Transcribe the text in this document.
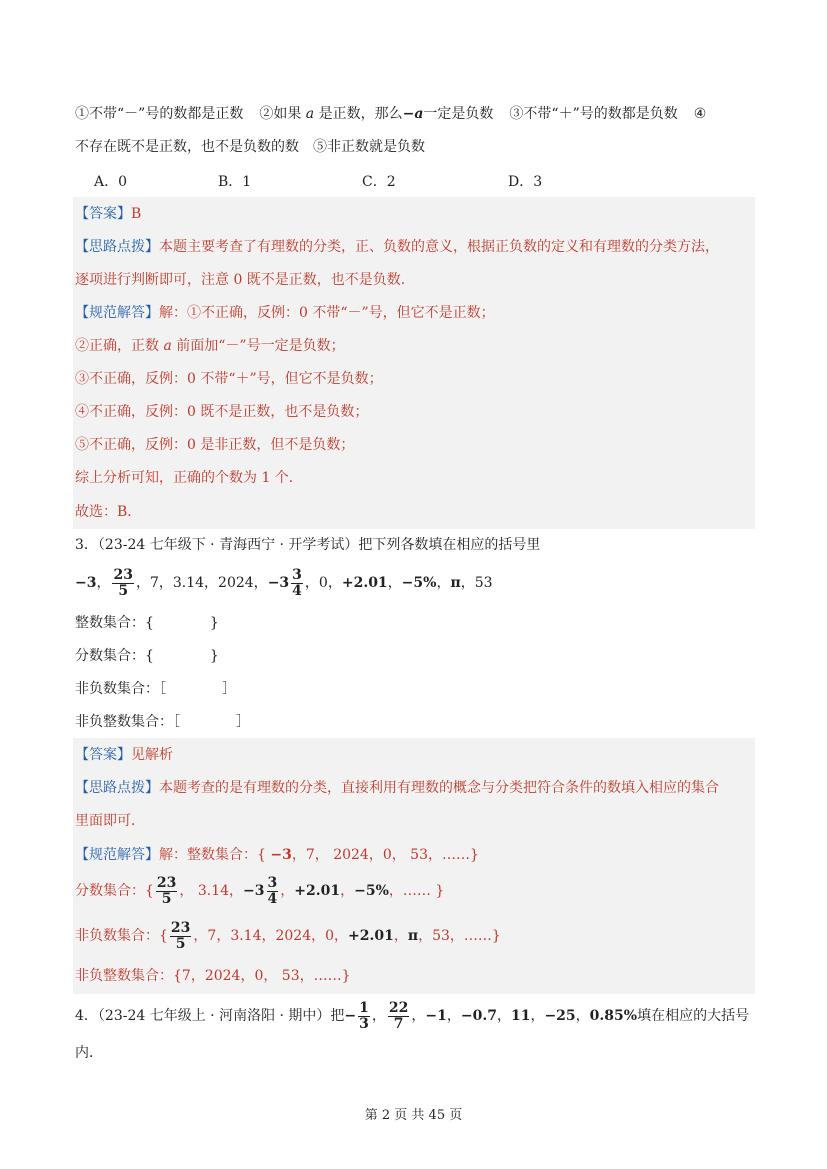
①不带“－”号的数都是正数 ②如果 a 是正数，那么−a一定是负数 ③不带“＋”号的数都是负数 ④
不存在既不是正数，也不是负数的数　⑤非正数就是负数
A．0	B．1	C．2	D．3
【答案】B
【思路点拨】本题主要考查了有理数的分类，正、负数的意义，根据正负数的定义和有理数的分类方法，
逐项进行判断即可，注意 0 既不是正数，也不是负数．
【规范解答】解：①不正确，反例：0 不带“－”号，但它不是正数；
②正确，正数 a 前面加“－”号一定是负数；
③不正确，反例：0 不带“＋”号，但它不是负数；
④不正确，反例：0 既不是正数，也不是负数；
⑤不正确，反例：0 是非正数，但不是负数；
综上分析可知，正确的个数为 1 个．
故选：B．
3．（23-24 七年级下 · 青海西宁 · 开学考试）把下列各数填在相应的括号里
−3， $\frac{23}{5}$ ，7，3.14，2024，$-3 \frac{3}{4}$ ，0，+2.01，−5%，π，53
整数集合：{　　　　}
分数集合：{　　　　}
非负数集合：［　　　　］
非负整数集合：［　　　　］
【答案】见解析
【思路点拨】本题考查的是有理数的分类，直接利用有理数的概念与分类把符合条件的数填入相应的集合
里面即可．
【规范解答】解：整数集合：{ −3，7， 2024，0， 53，……}
分数集合：{ $\frac{23}{5}$ ， 3.14，$-3 \frac{3}{4}$ ，+2.01，−5%，…… }
非负数集合：{ $\frac{23}{5}$ ，7，3.14，2024，0，+2.01，π，53，……}
非负整数集合：{7，2024，0， 53，……}
4．（23-24 七年级上 · 河南洛阳 · 期中）把− $\frac{1}{3}$ ， $\frac{22}{7}$ ，−1，−0.7，11，−25，0.85%填在相应的大括号
内．
第 2 页 共 45 页
